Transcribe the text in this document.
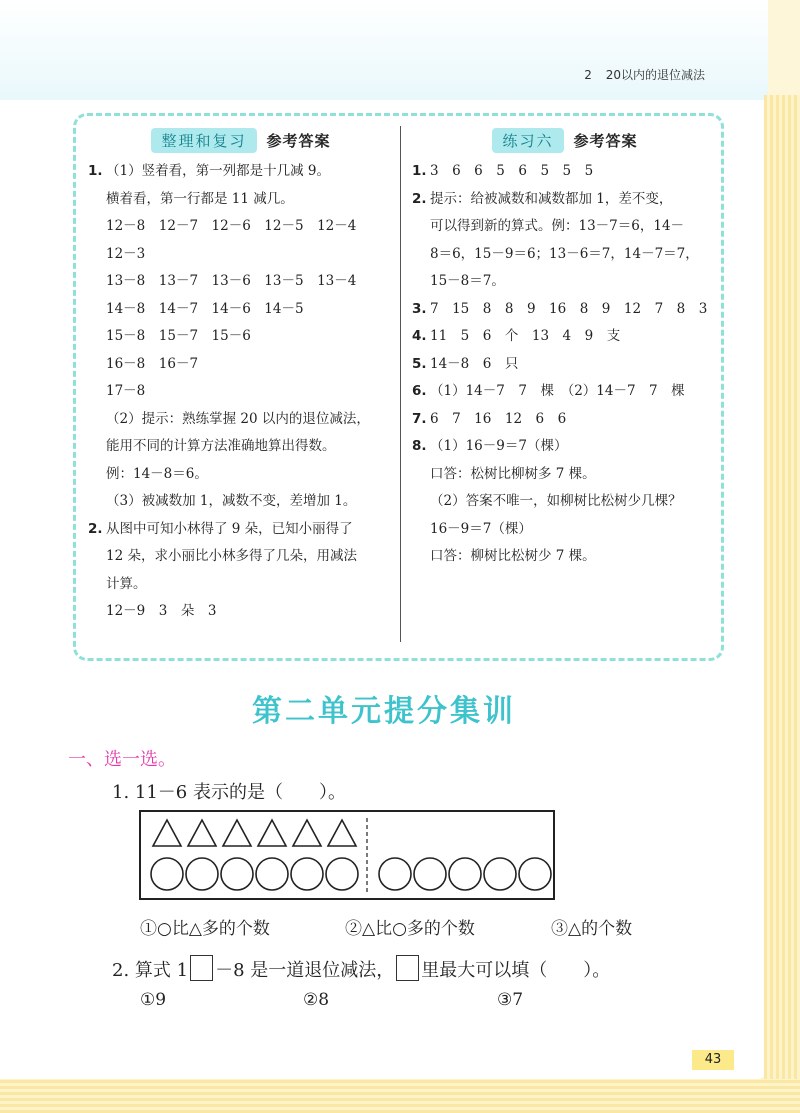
2 20以内的退位减法
整理和复习	参考答案
1. （1）竖着看，第一列都是十几减 9。
横着看，第一行都是 11 减几。
12－8　12－7　12－6　12－5　12－4
12－3
13－8　13－7　13－6　13－5　13－4
14－8　14－7　14－6　14－5
15－8　15－7　15－6
16－8　16－7
17－8
（2）提示：熟练掌握 20 以内的退位减法，
能用不同的计算方法准确地算出得数。
例：14－8＝6。
（3）被减数加 1，减数不变，差增加 1。
2. 从图中可知小林得了 9 朵，已知小丽得了
12 朵，求小丽比小林多得了几朵，用减法
计算。
12－9　3　朵　3
练习六	参考答案
1. 3　6　6　5　6　5　5　5
2. 提示：给被减数和减数都加 1，差不变，
可以得到新的算式。例：13－7＝6，14－
8＝6，15－9＝6；13－6＝7，14－7＝7，
15－8＝7。
3. 7　15　8　8　9　16　8　9　12　7　8　3
4. 11　5　6　个　13　4　9　支
5. 14－8　6　只
6. （1）14－7　7　棵　（2）14－7　7　棵
7. 6　7　16　12　6　6
8. （1）16－9＝7（棵）
口答：松树比柳树多 7 棵。
（2）答案不唯一，如柳树比松树少几棵？
16－9＝7（棵）
口答：柳树比松树少 7 棵。
第二单元提分集训
一、选一选。
1. 11－6 表示的是（　　）。
①○比△多的个数	②△比○多的个数	③△的个数
2. 算式 1 －8 是一道退位减法， 里最大可以填（　　）。
①9	②8	③7
43
